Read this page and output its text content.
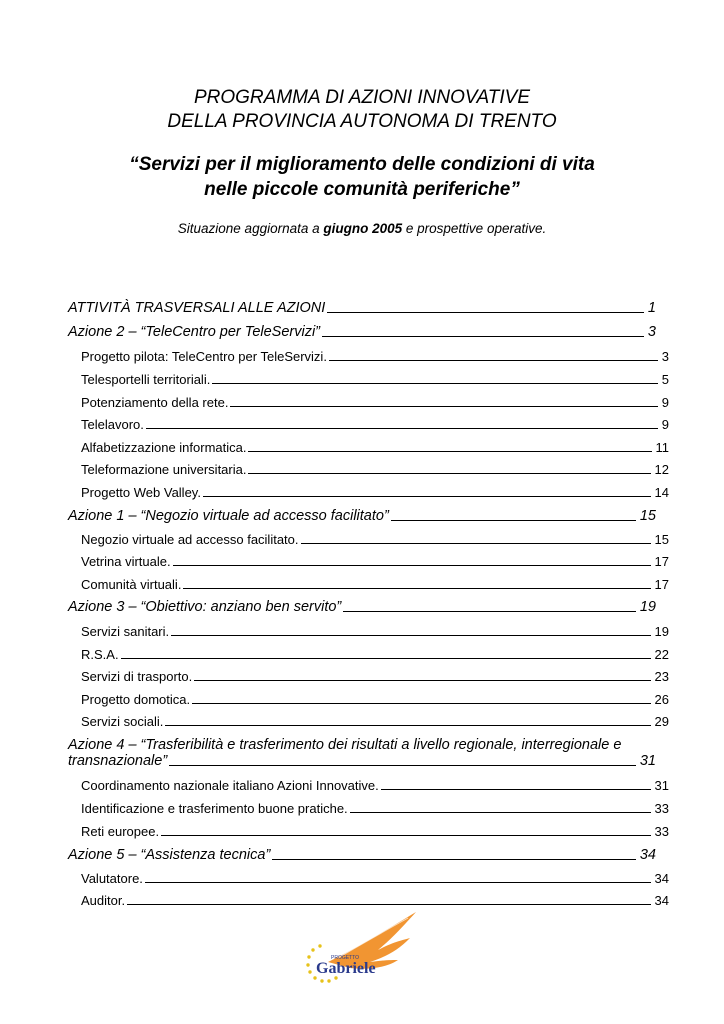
PROGRAMMA DI AZIONI INNOVATIVE
DELLA PROVINCIA AUTONOMA DI TRENTO
“Servizi per il miglioramento delle condizioni di vita
nelle piccole comunità periferiche”
Situazione aggiornata a giugno 2005 e prospettive operative.
ATTIVITÀ TRASVERSALI ALLE AZIONI	1
Azione 2 – “TeleCentro per TeleServizi”	3
Progetto pilota: TeleCentro per TeleServizi.	3
Telesportelli territoriali.	5
Potenziamento della rete.	9
Telelavoro.	9
Alfabetizzazione informatica.	11
Teleformazione universitaria.	12
Progetto Web Valley.	14
Azione 1 – “Negozio virtuale ad accesso facilitato”	15
Negozio virtuale ad accesso facilitato.	15
Vetrina virtuale.	17
Comunità virtuali.	17
Azione 3 – “Obiettivo: anziano ben servito”	19
Servizi sanitari.	19
R.S.A.	22
Servizi di trasporto.	23
Progetto domotica.	26
Servizi sociali.	29
Azione 4 – “Trasferibilità e trasferimento dei risultati a livello regionale, interregionale e
transnazionale”	31
Coordinamento nazionale italiano Azioni Innovative.	31
Identificazione e trasferimento buone pratiche.	33
Reti europee.	33
Azione 5 – “Assistenza tecnica”	34
Valutatore.	34
Auditor.	34
PROGETTO
Gabriele
